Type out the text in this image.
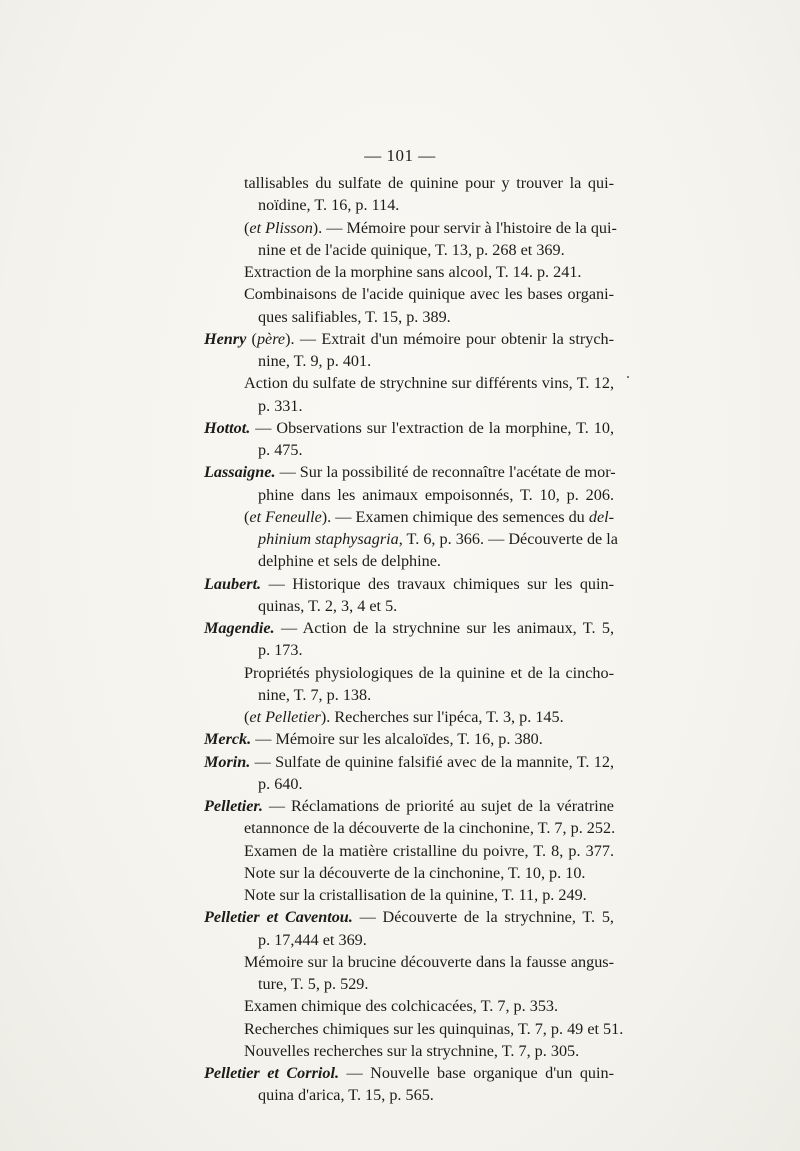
— 101 —
tallisables du sulfate de quinine pour y trouver la qui-
noïdine, T. 16, p. 114.
(et Plisson). — Mémoire pour servir à l'histoire de la qui-
nine et de l'acide quinique, T. 13, p. 268 et 369.
Extraction de la morphine sans alcool, T. 14. p. 241.
Combinaisons de l'acide quinique avec les bases organi-
ques salifiables, T. 15, p. 389.
Henry (père). — Extrait d'un mémoire pour obtenir la strych-
nine, T. 9, p. 401.
Action du sulfate de strychnine sur différents vins, T. 12,
p. 331.
Hottot. — Observations sur l'extraction de la morphine, T. 10,
p. 475.
Lassaigne. — Sur la possibilité de reconnaître l'acétate de mor-
phine dans les animaux empoisonnés, T. 10, p. 206.
(et Feneulle). — Examen chimique des semences du del-
phinium staphysagria, T. 6, p. 366. — Découverte de la
delphine et sels de delphine.
Laubert. — Historique des travaux chimiques sur les quin-
quinas, T. 2, 3, 4 et 5.
Magendie. — Action de la strychnine sur les animaux, T. 5,
p. 173.
Propriétés physiologiques de la quinine et de la cincho-
nine, T. 7, p. 138.
(et Pelletier). Recherches sur l'ipéca, T. 3, p. 145.
Merck. — Mémoire sur les alcaloïdes, T. 16, p. 380.
Morin. — Sulfate de quinine falsifié avec de la mannite, T. 12,
p. 640.
Pelletier. — Réclamations de priorité au sujet de la vératrine
etannonce de la découverte de la cinchonine, T. 7, p. 252.
Examen de la matière cristalline du poivre, T. 8, p. 377.
Note sur la découverte de la cinchonine, T. 10, p. 10.
Note sur la cristallisation de la quinine, T. 11, p. 249.
Pelletier et Caventou. — Découverte de la strychnine, T. 5,
p. 17,444 et 369.
Mémoire sur la brucine découverte dans la fausse angus-
ture, T. 5, p. 529.
Examen chimique des colchicacées, T. 7, p. 353.
Recherches chimiques sur les quinquinas, T. 7, p. 49 et 51.
Nouvelles recherches sur la strychnine, T. 7, p. 305.
Pelletier et Corriol. — Nouvelle base organique d'un quin-
quina d'arica, T. 15, p. 565.
